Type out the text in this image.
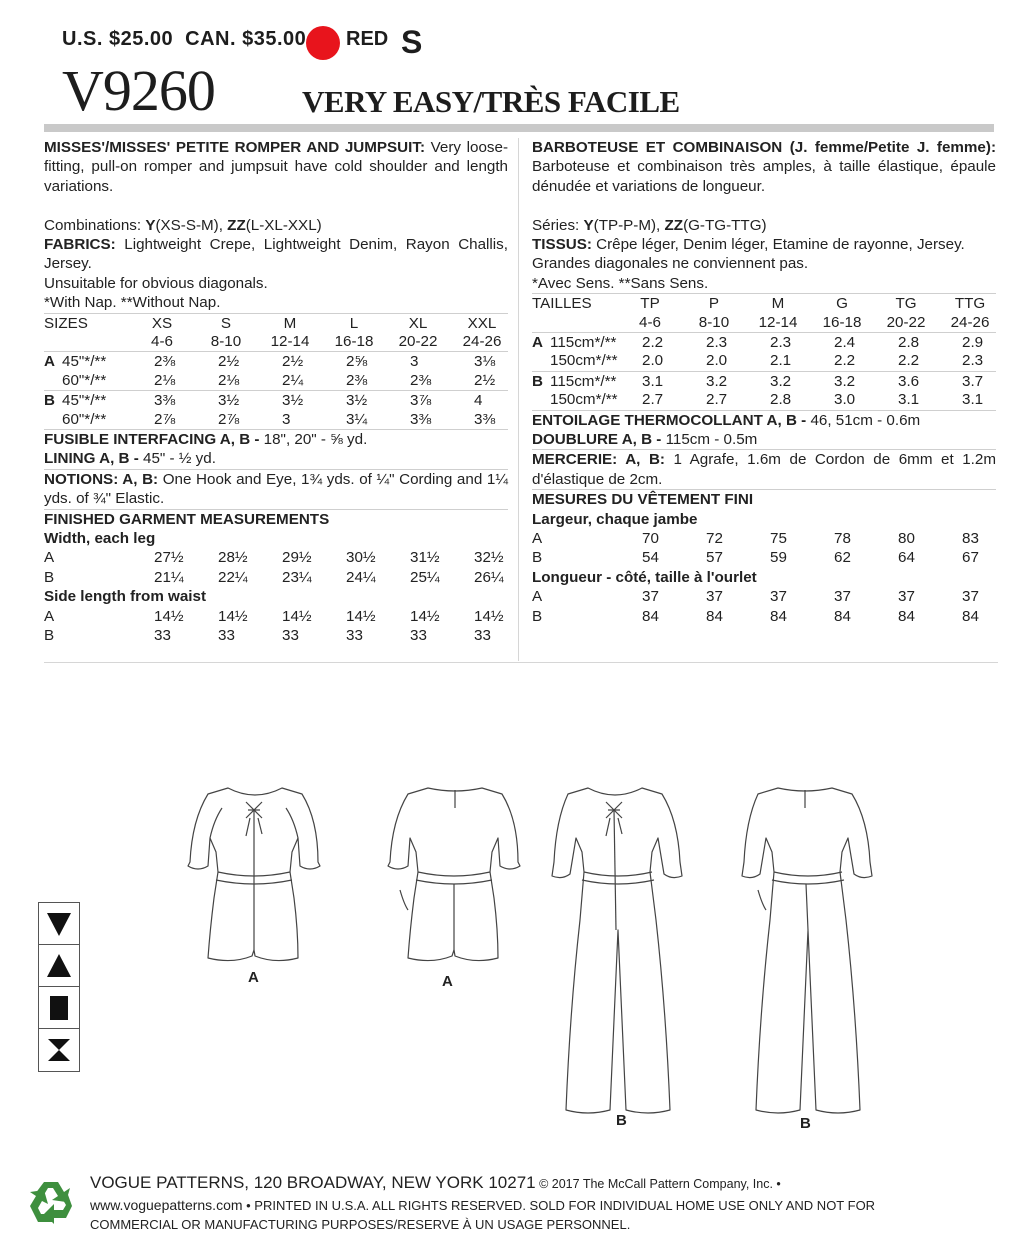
U.S. $25.00 CAN. $35.00	RED S
V9260	VERY EASY/TRÈS FACILE
MISSES'/MISSES' PETITE ROMPER AND JUMPSUIT: Very loose-fitting, pull-on romper and jumpsuit have cold shoulder and length variations.
Combinations: Y(XS-S-M), ZZ(L-XL-XXL)
FABRICS: Lightweight Crepe, Lightweight Denim, Rayon Challis, Jersey.
Unsuitable for obvious diagonals.
*With Nap. **Without Nap.
SIZES	XS	S	M	L	XL	XXL
4-6 8-10 12-14 16-18 20-22 24-26
A 45"*/**	2⅜	2½	2½	2⅝	3	3⅛
60"*/**	2⅛	2⅛	2¼	2⅜	2⅜	2½
B 45"*/**	3⅜	3½	3½	3½	3⅞	4
60"*/**	2⅞	2⅞	3	3¼	3⅜	3⅜
FUSIBLE INTERFACING A, B - 18", 20" - ⅝ yd.
LINING A, B - 45" - ½ yd.
NOTIONS: A, B: One Hook and Eye, 1¾ yds. of ¼" Cording and 1¼ yds. of ¾" Elastic.
FINISHED GARMENT MEASUREMENTS
Width, each leg
A	27½ 28½ 29½ 30½ 31½ 32½
B	21¼ 22¼ 23¼ 24¼ 25¼ 26¼
Side length from waist
A	14½ 14½ 14½ 14½ 14½ 14½
B	33	33	33	33	33	33
BARBOTEUSE ET COMBINAISON (J. femme/Petite J. femme): Barboteuse et combinaison très amples, à taille élastique, épaule dénudée et variations de longueur.
Séries: Y(TP-P-M), ZZ(G-TG-TTG)
TISSUS: Crêpe léger, Denim léger, Etamine de rayonne, Jersey.
Grandes diagonales ne conviennent pas.
*Avec Sens. **Sans Sens.
TAILLES	TP	P	M	G	TG	TTG
4-6 8-10 12-14 16-18 20-22 24-26
A 115cm*/** 2.2	2.3	2.3	2.4	2.8	2.9
150cm*/** 2.0	2.0	2.1	2.2	2.2	2.3
B 115cm*/** 3.1	3.2	3.2	3.2	3.6	3.7
150cm*/** 2.7	2.7	2.8	3.0	3.1	3.1
ENTOILAGE THERMOCOLLANT A, B - 46, 51cm - 0.6m
DOUBLURE A, B - 115cm - 0.5m
MERCERIE: A, B: 1 Agrafe, 1.6m de Cordon de 6mm et 1.2m d'élastique de 2cm.
MESURES DU VÊTEMENT FINI
Largeur, chaque jambe
A	70	72	75	78	80	83
B	54	57	59	62	64	67
Longueur - côté, taille à l'ourlet
A	37	37	37	37	37	37
B	84	84	84	84	84	84
A	A
B	B
VOGUE PATTERNS, 120 BROADWAY, NEW YORK 10271 © 2017 The McCall Pattern Company, Inc. •
www.voguepatterns.com • PRINTED IN U.S.A. ALL RIGHTS RESERVED. SOLD FOR INDIVIDUAL HOME USE ONLY AND NOT FOR
COMMERCIAL OR MANUFACTURING PURPOSES/RESERVE À UN USAGE PERSONNEL.
